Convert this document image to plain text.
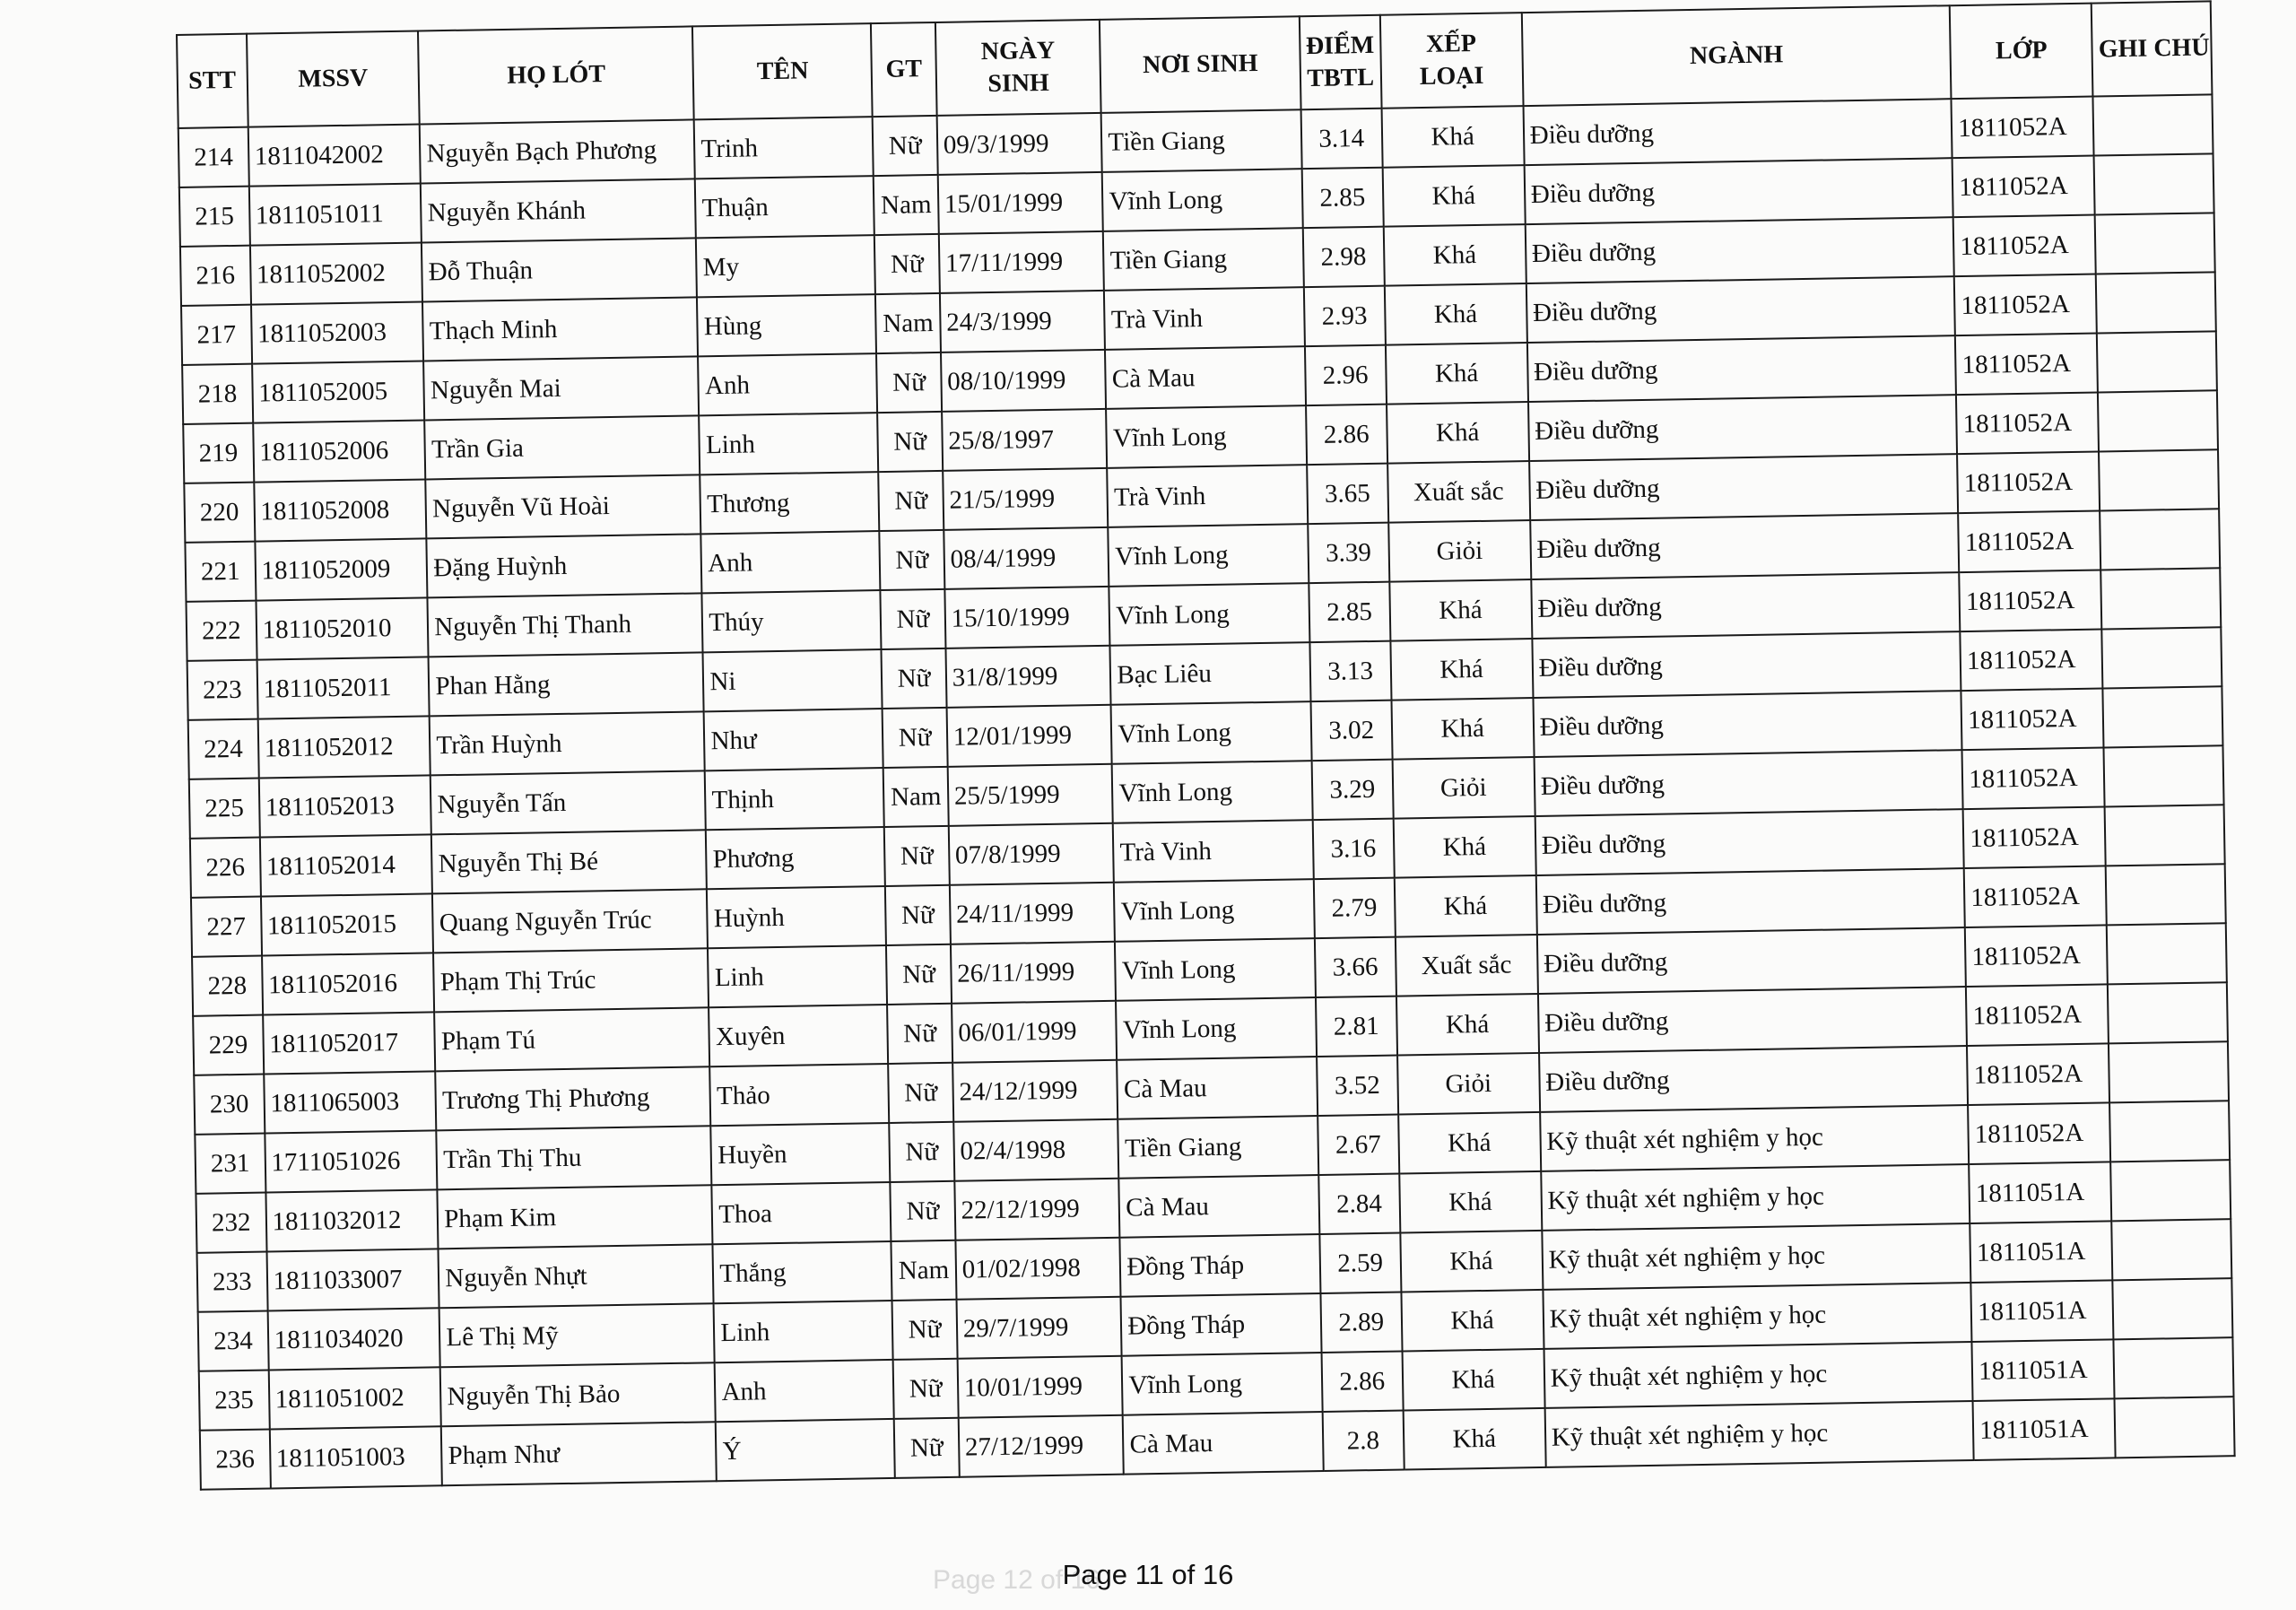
STT	MSSV	HỌ LÓT	TÊN	GT	NGÀY SINH	NƠI SINH	ĐIỂM TBTL	XẾP LOẠI	NGÀNH	LỚP	GHI CHÚ
214	1811042002	Nguyễn Bạch Phương	Trinh	Nữ	09/3/1999	Tiền Giang	3.14	Khá	Điều dưỡng	1811052A	
215	1811051011	Nguyễn Khánh	Thuận	Nam	15/01/1999	Vĩnh Long	2.85	Khá	Điều dưỡng	1811052A	
216	1811052002	Đỗ Thuận	My	Nữ	17/11/1999	Tiền Giang	2.98	Khá	Điều dưỡng	1811052A	
217	1811052003	Thạch Minh	Hùng	Nam	24/3/1999	Trà Vinh	2.93	Khá	Điều dưỡng	1811052A	
218	1811052005	Nguyễn Mai	Anh	Nữ	08/10/1999	Cà Mau	2.96	Khá	Điều dưỡng	1811052A	
219	1811052006	Trần Gia	Linh	Nữ	25/8/1997	Vĩnh Long	2.86	Khá	Điều dưỡng	1811052A	
220	1811052008	Nguyễn Vũ Hoài	Thương	Nữ	21/5/1999	Trà Vinh	3.65	Xuất sắc	Điều dưỡng	1811052A	
221	1811052009	Đặng Huỳnh	Anh	Nữ	08/4/1999	Vĩnh Long	3.39	Giỏi	Điều dưỡng	1811052A	
222	1811052010	Nguyễn Thị Thanh	Thúy	Nữ	15/10/1999	Vĩnh Long	2.85	Khá	Điều dưỡng	1811052A	
223	1811052011	Phan Hằng	Ni	Nữ	31/8/1999	Bạc Liêu	3.13	Khá	Điều dưỡng	1811052A	
224	1811052012	Trần Huỳnh	Như	Nữ	12/01/1999	Vĩnh Long	3.02	Khá	Điều dưỡng	1811052A	
225	1811052013	Nguyễn Tấn	Thịnh	Nam	25/5/1999	Vĩnh Long	3.29	Giỏi	Điều dưỡng	1811052A	
226	1811052014	Nguyễn Thị Bé	Phương	Nữ	07/8/1999	Trà Vinh	3.16	Khá	Điều dưỡng	1811052A	
227	1811052015	Quang Nguyễn Trúc	Huỳnh	Nữ	24/11/1999	Vĩnh Long	2.79	Khá	Điều dưỡng	1811052A	
228	1811052016	Phạm Thị Trúc	Linh	Nữ	26/11/1999	Vĩnh Long	3.66	Xuất sắc	Điều dưỡng	1811052A	
229	1811052017	Phạm Tú	Xuyên	Nữ	06/01/1999	Vĩnh Long	2.81	Khá	Điều dưỡng	1811052A	
230	1811065003	Trương Thị Phương	Thảo	Nữ	24/12/1999	Cà Mau	3.52	Giỏi	Điều dưỡng	1811052A	
231	1711051026	Trần Thị Thu	Huyền	Nữ	02/4/1998	Tiền Giang	2.67	Khá	Kỹ thuật xét nghiệm y học	1811052A	
232	1811032012	Phạm Kim	Thoa	Nữ	22/12/1999	Cà Mau	2.84	Khá	Kỹ thuật xét nghiệm y học	1811051A	
233	1811033007	Nguyễn Nhựt	Thắng	Nam	01/02/1998	Đồng Tháp	2.59	Khá	Kỹ thuật xét nghiệm y học	1811051A	
234	1811034020	Lê Thị Mỹ	Linh	Nữ	29/7/1999	Đồng Tháp	2.89	Khá	Kỹ thuật xét nghiệm y học	1811051A	
235	1811051002	Nguyễn Thị Bảo	Anh	Nữ	10/01/1999	Vĩnh Long	2.86	Khá	Kỹ thuật xét nghiệm y học	1811051A	
236	1811051003	Phạm Như	Ý	Nữ	27/12/1999	Cà Mau	2.8	Khá	Kỹ thuật xét nghiệm y học	1811051A	
Page 12 of 16
Page 11 of 16
